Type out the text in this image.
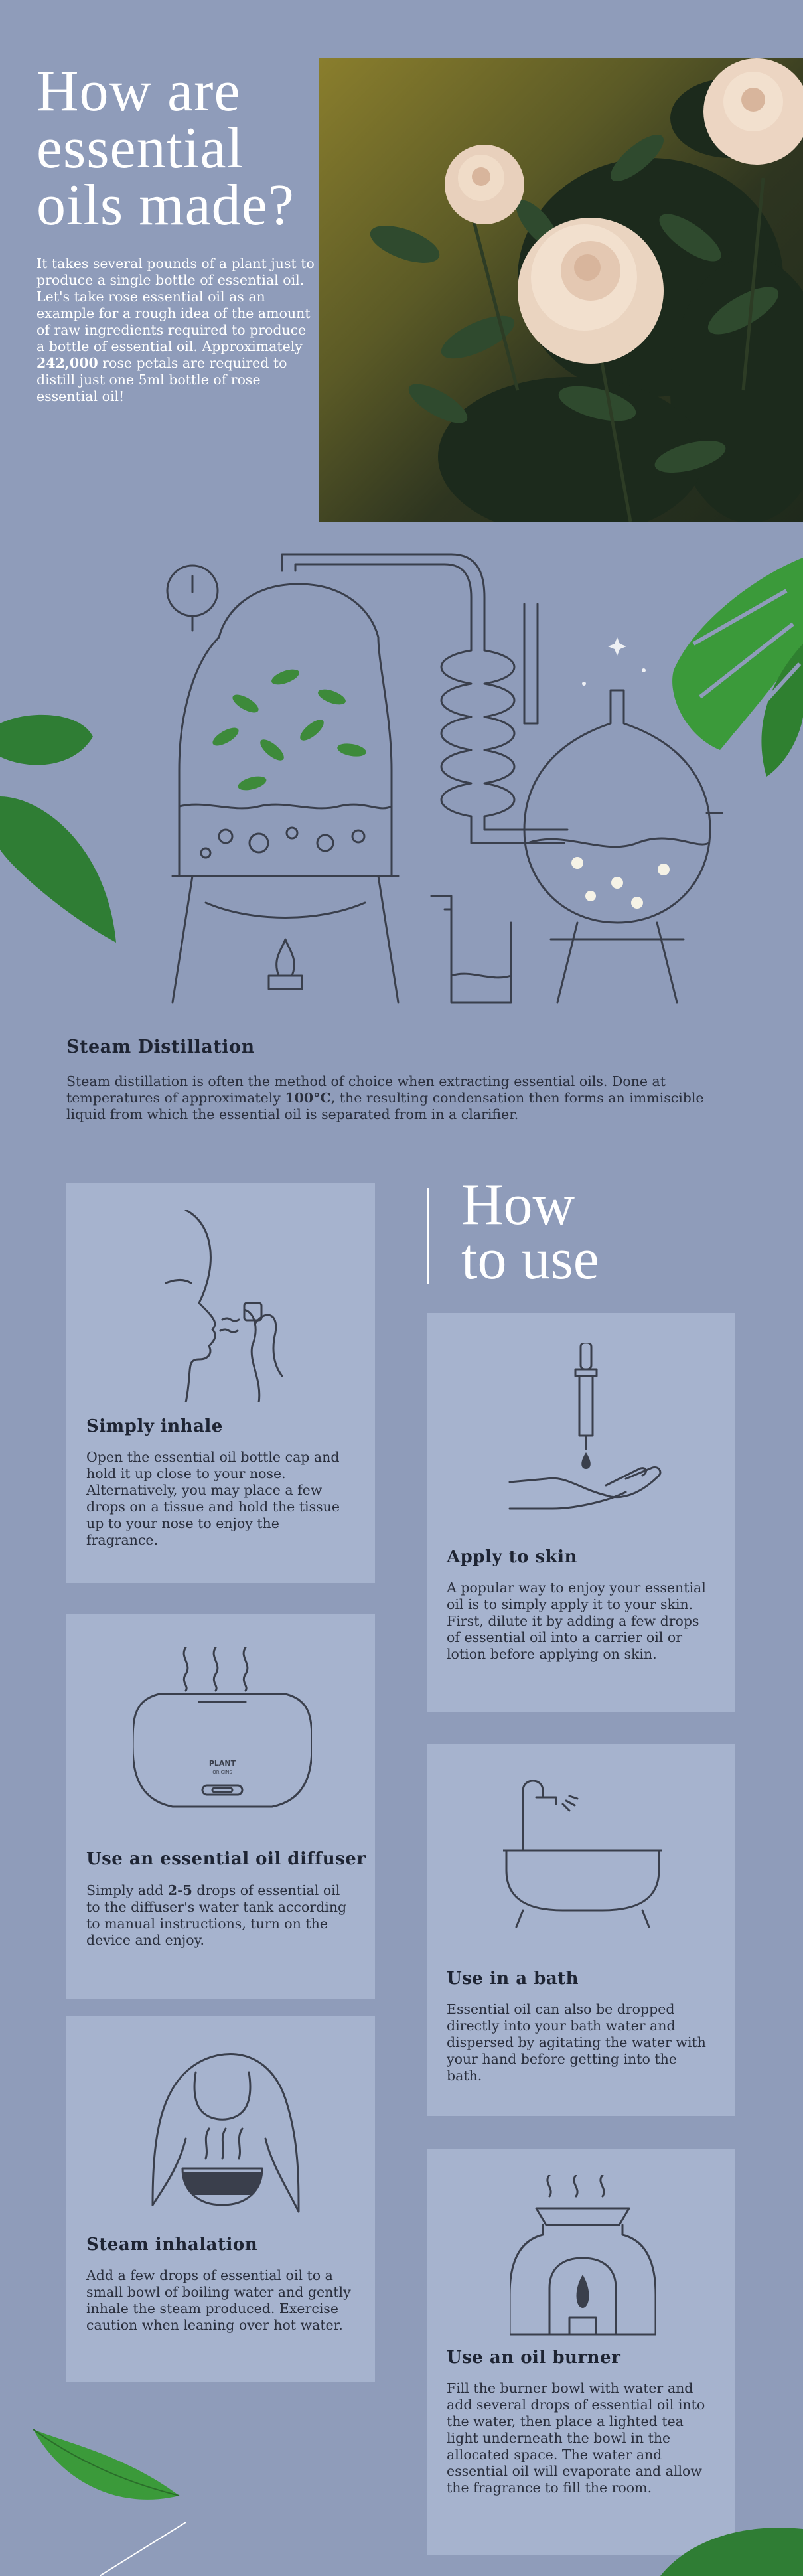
How are
essential
oils made?
It takes several pounds of a plant just to produce a single bottle of essential oil. Let's take rose essential oil as an example for a rough idea of the amount of raw ingredients required to produce a bottle of essential oil. Approximately 242,000 rose petals are required to distill just one 5ml bottle of rose essential oil!
Steam Distillation
Steam distillation is often the method of choice when extracting essential oils. Done at temperatures of approximately 100°C, the resulting condensation then forms an immiscible liquid from which the essential oil is separated from in a clarifier.
How
to use
Simply inhale
Open the essential oil bottle cap and hold it up close to your nose. Alternatively, you may place a few drops on a tissue and hold the tissue up to your nose to enjoy the fragrance.
Apply to skin
A popular way to enjoy your essential oil is to simply apply it to your skin. First, dilute it by adding a few drops of essential oil into a carrier oil or lotion before applying on skin.
PLANT
ORIGINS
Use an essential oil diffuser
Simply add 2-5 drops of essential oil to the diffuser's water tank according to manual instructions, turn on the device and enjoy.
Use in a bath
Essential oil can also be dropped directly into your bath water and dispersed by agitating the water with your hand before getting into the bath.
Steam inhalation
Add a few drops of essential oil to a small bowl of boiling water and gently inhale the steam produced. Exercise caution when leaning over hot water.
Use an oil burner
Fill the burner bowl with water and add several drops of essential oil into the water, then place a lighted tea light underneath the bowl in the allocated space. The water and essential oil will evaporate and allow the fragrance to fill the room.
